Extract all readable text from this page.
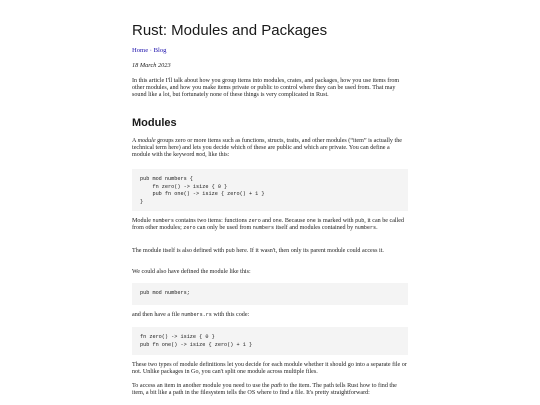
Rust: Modules and Packages
Home · Blog
18 March 2023

In this article I'll talk about how you group items into modules, crates, and packages, how you use items from other modules, and how you make items private or public to control where they can be used from. That may sound like a lot, but fortunately none of these things is very complicated in Rust.

Modules

A module groups zero or more items such as functions, structs, traits, and other modules (“item” is actually the technical term here) and lets you decide which of these are public and which are private. You can define a module with the keyword mod, like this:

pub mod numbers {
fn zero() -> isize { 0 }
pub fn one() -> isize { zero() + 1 }
}

Module numbers contains two items: functions zero and one. Because one is marked with pub, it can be called from other modules; zero can only be used from numbers itself and modules contained by numbers.

The module itself is also defined with pub here. If it wasn't, then only its parent module could access it.

We could also have defined the module like this:

pub mod numbers;

and then have a file numbers.rs with this code:

fn zero() -> isize { 0 }
pub fn one() -> isize { zero() + 1 }

These two types of module definitions let you decide for each module whether it should go into a separate file or not. Unlike packages in Go, you can't split one module across multiple files.

To access an item in another module you need to use the path to the item. The path tells Rust how to find the item, a bit like a path in the filesystem tells the OS where to find a file. It's pretty straightforward:
